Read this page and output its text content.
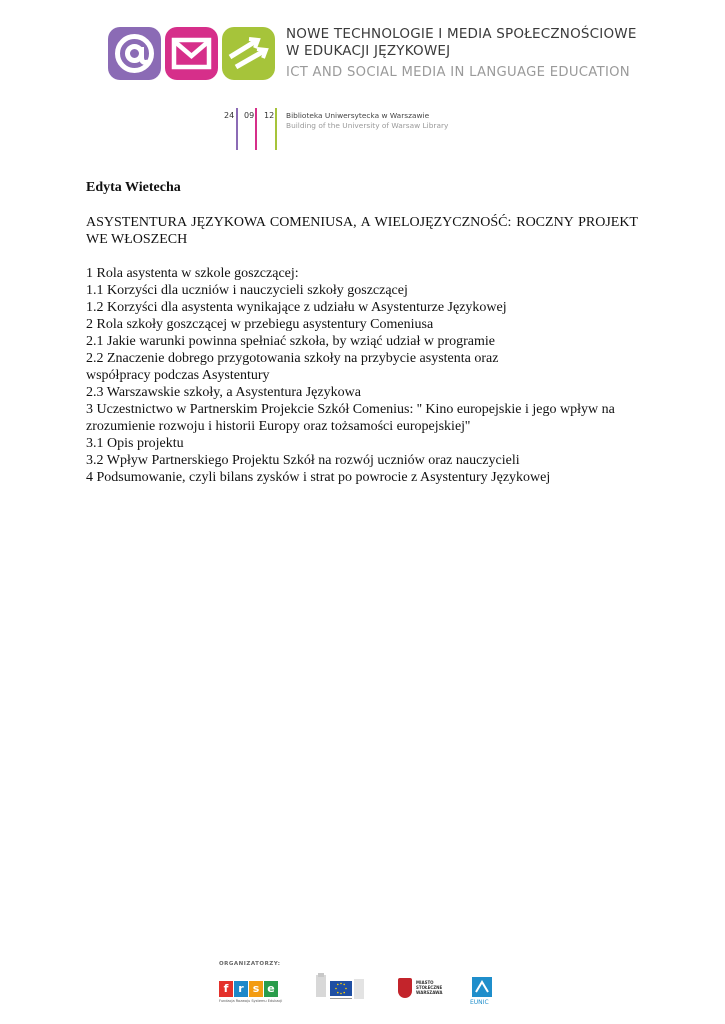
NOWE TECHNOLOGIE I MEDIA SPOŁECZNOŚCIOWE
W EDUKACJI JĘZYKOWEJ
ICT AND SOCIAL MEDIA IN LANGUAGE EDUCATION
24 09 12 Biblioteka Uniwersytecka w Warszawie
Building of the University of Warsaw Library

Edyta Wietecha

ASYSTENTURA JĘZYKOWA COMENIUSA, A WIELOJĘZYCZNOŚĆ: ROCZNY PROJEKT WE WŁOSZECH

1 Rola asystenta w szkole goszczącej:
1.1 Korzyści dla uczniów i nauczycieli szkoły goszczącej
1.2 Korzyści dla asystenta wynikające z udziału w Asystenturze Językowej
2 Rola szkoły goszczącej w przebiegu asystentury Comeniusa
2.1 Jakie warunki powinna spełniać szkoła, by wziąć udział w programie
2.2 Znaczenie dobrego przygotowania szkoły na przybycie asystenta oraz
współpracy podczas Asystentury
2.3 Warszawskie szkoły, a Asystentura Językowa
3 Uczestnictwo w Partnerskim Projekcie Szkół Comenius: '' Kino europejskie i jego wpływ na
zrozumienie rozwoju i historii Europy oraz tożsamości europejskiej''
3.1 Opis projektu
3.2 Wpływ Partnerskiego Projektu Szkół na rozwój uczniów oraz nauczycieli
4 Podsumowanie, czyli bilans zysków i strat po powrocie z Asystentury Językowej
ORGANIZATORZY:
f r s e
Fundacja Rozwoju Systemu Edukacji
MIASTO STOŁECZNE WARSZAWA
EUNIC
